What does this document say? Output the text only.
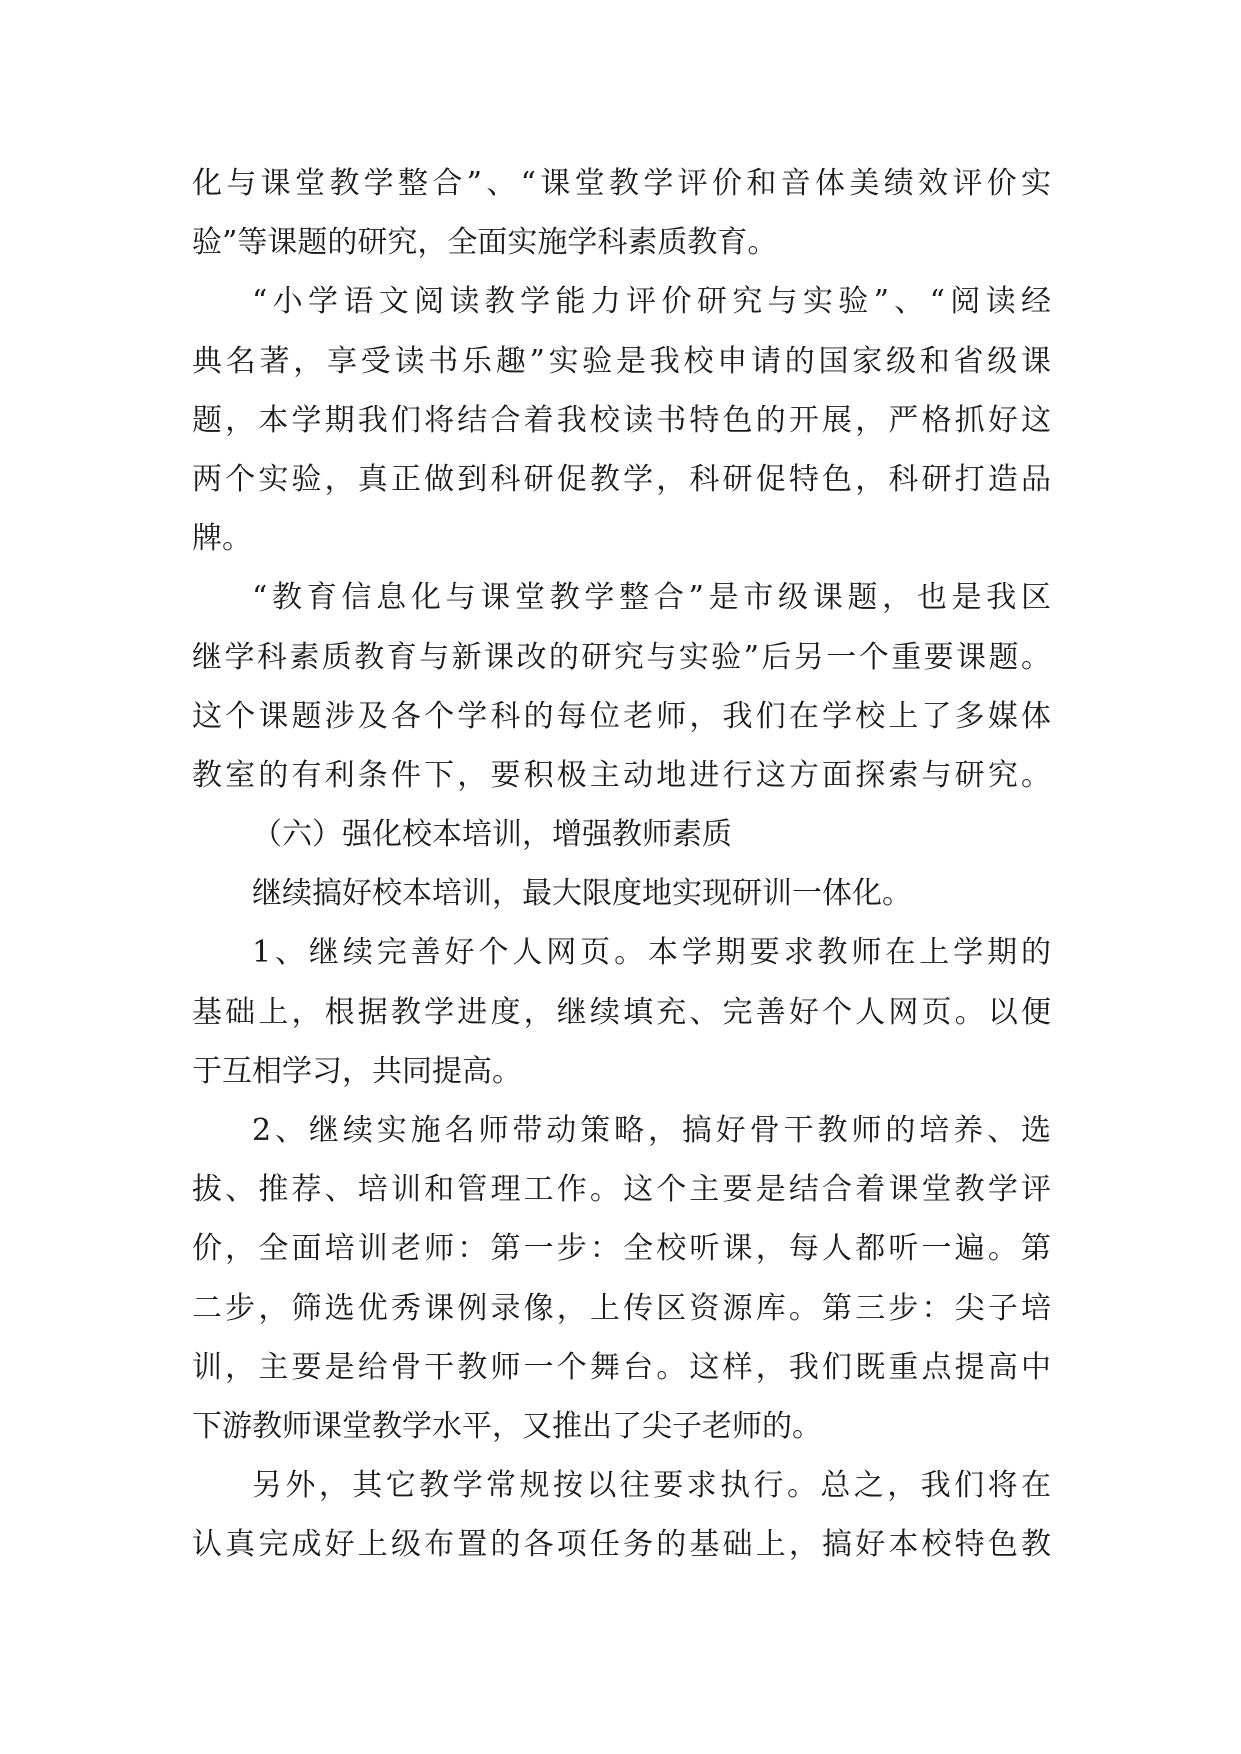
化与课堂教学整合”、“课堂教学评价和音体美绩效评价实
验”等课题的研究，全面实施学科素质教育。
“小学语文阅读教学能力评价研究与实验”、“阅读经
典名著，享受读书乐趣”实验是我校申请的国家级和省级课
题，本学期我们将结合着我校读书特色的开展，严格抓好这
两个实验，真正做到科研促教学，科研促特色，科研打造品
牌。
“教育信息化与课堂教学整合”是市级课题，也是我区
继学科素质教育与新课改的研究与实验”后另一个重要课题。
这个课题涉及各个学科的每位老师，我们在学校上了多媒体
教室的有利条件下，要积极主动地进行这方面探索与研究。
（六）强化校本培训，增强教师素质
继续搞好校本培训，最大限度地实现研训一体化。
1、继续完善好个人网页。本学期要求教师在上学期的
基础上，根据教学进度，继续填充、完善好个人网页。以便
于互相学习，共同提高。
2、继续实施名师带动策略，搞好骨干教师的培养、选
拔、推荐、培训和管理工作。这个主要是结合着课堂教学评
价，全面培训老师：第一步：全校听课，每人都听一遍。第
二步，筛选优秀课例录像，上传区资源库。第三步：尖子培
训，主要是给骨干教师一个舞台。这样，我们既重点提高中
下游教师课堂教学水平，又推出了尖子老师的。
另外，其它教学常规按以往要求执行。总之，我们将在
认真完成好上级布置的各项任务的基础上，搞好本校特色教
